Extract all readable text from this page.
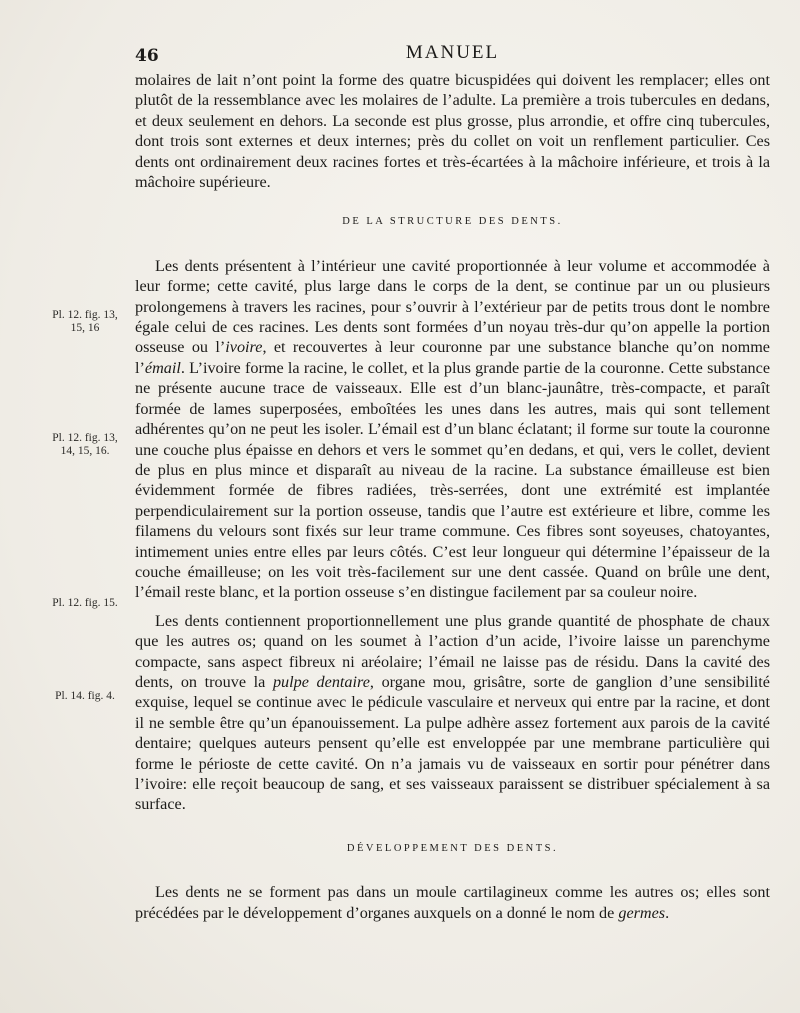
46	MANUEL
Pl. 12. fig. 13,
15, 16
Pl. 12. fig. 13,
14, 15, 16.
Pl. 12. fig. 15.
Pl. 14. fig. 4.

molaires de lait n’ont point la forme des quatre bicuspidées qui doivent les remplacer; elles ont plutôt de la ressemblance avec les molaires de l’adulte. La première a trois tubercules en dedans, et deux seulement en dehors. La seconde est plus grosse, plus arrondie, et offre cinq tubercules, dont trois sont externes et deux internes; près du collet on voit un renflement particulier. Ces dents ont ordinairement deux racines fortes et très-écartées à la mâchoire inférieure, et trois à la mâchoire supérieure.

DE LA STRUCTURE DES DENTS.

Les dents présentent à l’intérieur une cavité proportionnée à leur volume et accommodée à leur forme; cette cavité, plus large dans le corps de la dent, se continue par un ou plusieurs prolongemens à travers les racines, pour s’ouvrir à l’extérieur par de petits trous dont le nombre égale celui de ces racines. Les dents sont formées d’un noyau très-dur qu’on appelle la portion osseuse ou l’ivoire, et recouvertes à leur couronne par une substance blanche qu’on nomme l’émail. L’ivoire forme la racine, le collet, et la plus grande partie de la couronne. Cette substance ne présente aucune trace de vaisseaux. Elle est d’un blanc-jaunâtre, très-compacte, et paraît formée de lames superposées, emboîtées les unes dans les autres, mais qui sont tellement adhérentes qu’on ne peut les isoler. L’émail est d’un blanc éclatant; il forme sur toute la couronne une couche plus épaisse en dehors et vers le sommet qu’en dedans, et qui, vers le collet, devient de plus en plus mince et disparaît au niveau de la racine. La substance émailleuse est bien évidemment formée de fibres radiées, très-serrées, dont une extrémité est implantée perpendiculairement sur la portion osseuse, tandis que l’autre est extérieure et libre, comme les filamens du velours sont fixés sur leur trame commune. Ces fibres sont soyeuses, chatoyantes, intimement unies entre elles par leurs côtés. C’est leur longueur qui détermine l’épaisseur de la couche émailleuse; on les voit très-facilement sur une dent cassée. Quand on brûle une dent, l’émail reste blanc, et la portion osseuse s’en distingue facilement par sa couleur noire.

Les dents contiennent proportionnellement une plus grande quantité de phosphate de chaux que les autres os; quand on les soumet à l’action d’un acide, l’ivoire laisse un parenchyme compacte, sans aspect fibreux ni aréolaire; l’émail ne laisse pas de résidu. Dans la cavité des dents, on trouve la pulpe dentaire, organe mou, grisâtre, sorte de ganglion d’une sensibilité exquise, lequel se continue avec le pédicule vasculaire et nerveux qui entre par la racine, et dont il ne semble être qu’un épanouissement. La pulpe adhère assez fortement aux parois de la cavité dentaire; quelques auteurs pensent qu’elle est enveloppée par une membrane particulière qui forme le périoste de cette cavité. On n’a jamais vu de vaisseaux en sortir pour pénétrer dans l’ivoire: elle reçoit beaucoup de sang, et ses vaisseaux paraissent se distribuer spécialement à sa surface.

DÉVELOPPEMENT DES DENTS.

Les dents ne se forment pas dans un moule cartilagineux comme les autres os; elles sont précédées par le développement d’organes auxquels on a donné le nom de germes.
